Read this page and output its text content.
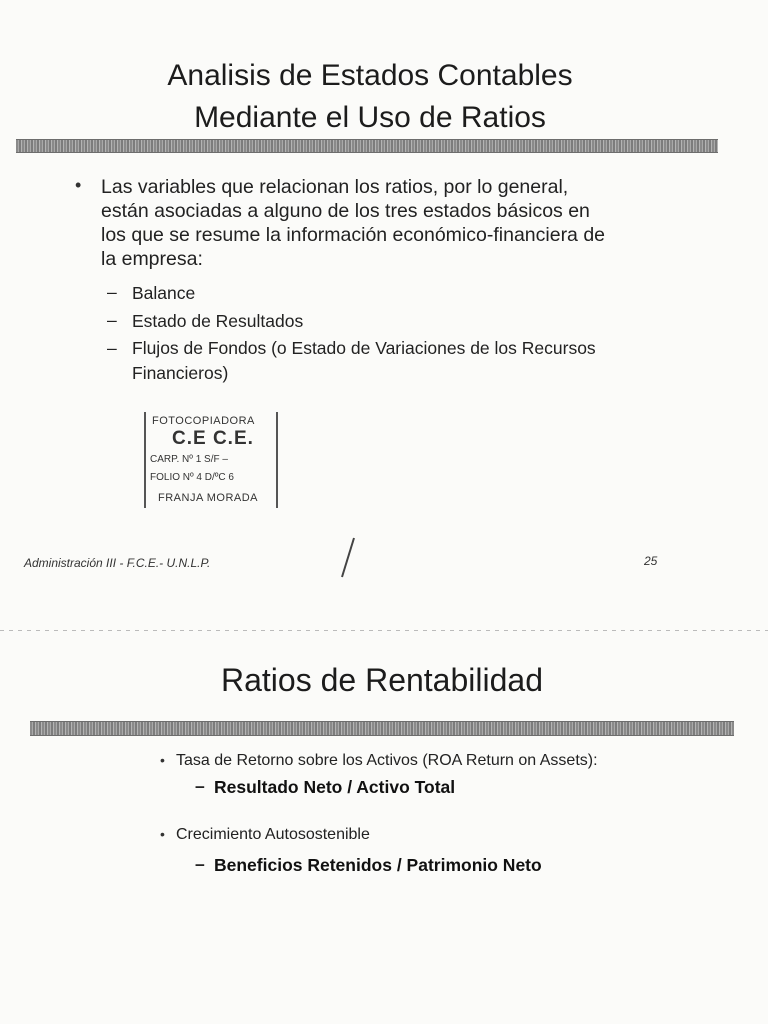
Analisis de Estados Contables
Mediante el Uso de Ratios
• Las variables que relacionan los ratios, por lo general,

están asociadas a alguno de los tres estados básicos en

los que se resume la información económico-financiera de

la empresa:

– Balance
– Estado de Resultados
– Flujos de Fondos (o Estado de Variaciones de los Recursos
Financieros)
FOTOCOPIADORA
C.E C.E.
CARP. Nº 1 S/F –
FOLIO Nº 4 D/ºC 6
FRANJA MORADA
Administración III - F.C.E.- U.N.L.P.	25
Ratios de Rentabilidad
• Tasa de Retorno sobre los Activos (ROA Return on Assets):
– Resultado Neto / Activo Total
• Crecimiento Autosostenible
– Beneficios Retenidos / Patrimonio Neto
